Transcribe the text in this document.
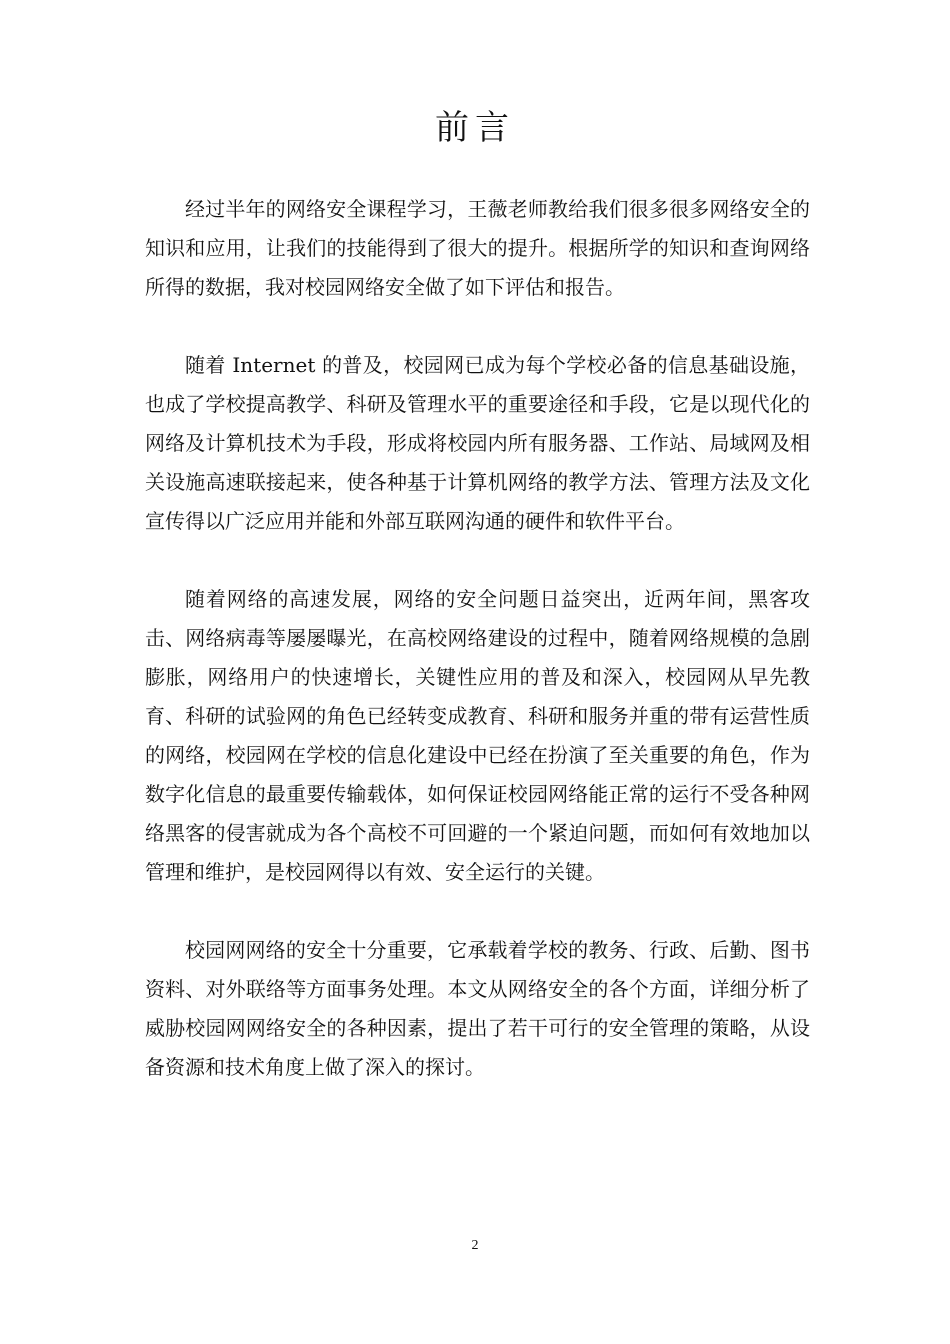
前言

经过半年的网络安全课程学习，王薇老师教给我们很多很多网络安全的知识和应用，让我们的技能得到了很大的提升。根据所学的知识和查询网络所得的数据，我对校园网络安全做了如下评估和报告。

随着 Internet 的普及，校园网已成为每个学校必备的信息基础设施，也成了学校提高教学、科研及管理水平的重要途径和手段，它是以现代化的网络及计算机技术为手段，形成将校园内所有服务器、工作站、局域网及相关设施高速联接起来，使各种基于计算机网络的教学方法、管理方法及文化宣传得以广泛应用并能和外部互联网沟通的硬件和软件平台。

随着网络的高速发展，网络的安全问题日益突出，近两年间，黑客攻击、网络病毒等屡屡曝光，在高校网络建设的过程中，随着网络规模的急剧膨胀，网络用户的快速增长，关键性应用的普及和深入，校园网从早先教育、科研的试验网的角色已经转变成教育、科研和服务并重的带有运营性质的网络，校园网在学校的信息化建设中已经在扮演了至关重要的角色，作为数字化信息的最重要传输载体，如何保证校园网络能正常的运行不受各种网络黑客的侵害就成为各个高校不可回避的一个紧迫问题，而如何有效地加以管理和维护，是校园网得以有效、安全运行的关键。

校园网网络的安全十分重要，它承载着学校的教务、行政、后勤、图书资料、对外联络等方面事务处理。本文从网络安全的各个方面，详细分析了威胁校园网网络安全的各种因素，提出了若干可行的安全管理的策略，从设备资源和技术角度上做了深入的探讨。

2
